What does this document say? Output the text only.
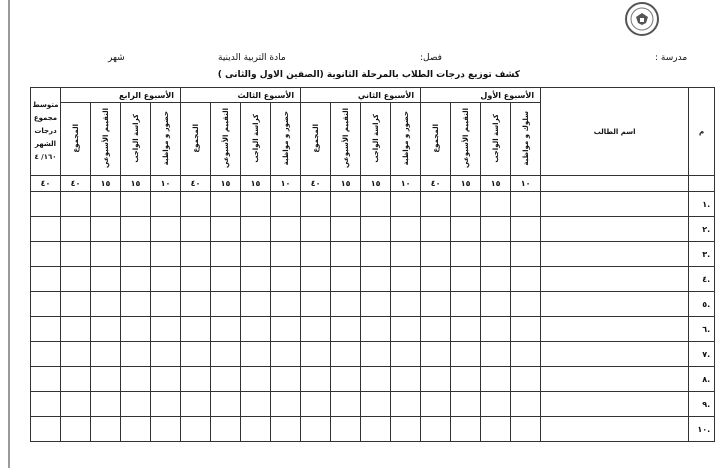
مدرسة :
فصل:
مادة التربية الدينية
شهر
كشف توزيع درجات الطلاب بالمرحلة الثانوية (الصفين الاول والثانى )
م	اسم الطالب	الأسبوع الأول				الأسبوع الثاني				الأسبوع الثالث				الأسبوع الرابع				متوسط
مجموع
درجات
الشهر
١٦٠/ ٤

		سلوك و مواظبة	كراسة الواجب	التقييم الأسبوعي	المجموع	حضور و مواظبة	كراسة الواجب	التقييم الأسبوعي	المجموع	حضور و مواظبة	كراسة الواجب	التقييم الأسبوعي	المجموع	حضور و مواظبة	كراسة الواجب	التقييم الأسبوعي	المجموع	
		١٠	١٥	١٥	٤٠	١٠	١٥	١٥	٤٠	١٠	١٥	١٥	٤٠	١٠	١٥	١٥	٤٠	٤٠
.١																		
.٢																		
.٣																		
.٤																		
.٥																		
.٦																		
.٧																		
.٨																		
.٩																		
.١٠																		
